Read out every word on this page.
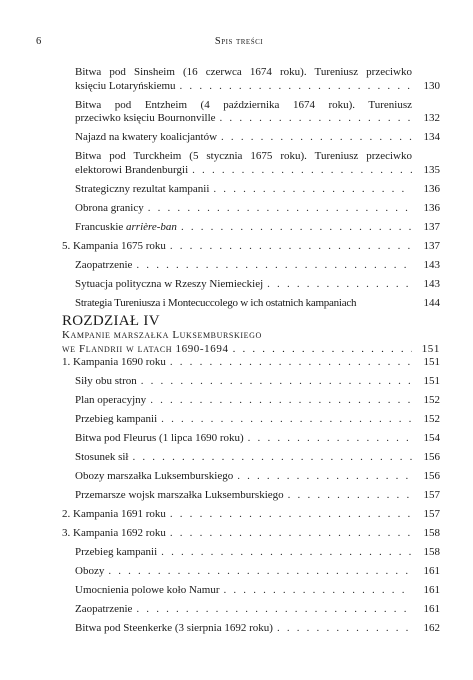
6	Spis treści
Bitwa pod Sinsheim (16 czerwca 1674 roku). Tureniusz przeciwko
księciu Lotaryńskiemu . . .	130
Bitwa pod Entzheim (4 października 1674 roku). Tureniusz
przeciwko księciu Bournonville . . .	132
Najazd na kwatery koalicjantów . . .	134
Bitwa pod Turckheim (5 stycznia 1675 roku). Tureniusz przeciwko
elektorowi Brandenburgii . . .	135
Strategiczny rezultat kampanii . . .	136
Obrona granicy . . .	136
Francuskie arrière-ban . . .	137
5. Kampania 1675 roku . . .	137
Zaopatrzenie . . .	143
Sytuacja polityczna w Rzeszy Niemieckiej . . .	143
Strategia Tureniusza i Montecuccolego w ich ostatnich kampaniach	144
ROZDZIAŁ IV
Kampanie marszałka Luksemburskiego
we Flandrii w latach 1690-1694 . . .	151
1. Kampania 1690 roku . . .	151
Siły obu stron . . .	151
Plan operacyjny . . .	152
Przebieg kampanii . . .	152
Bitwa pod Fleurus (1 lipca 1690 roku) . . .	154
Stosunek sił . . .	156
Obozy marszałka Luksemburskiego . . .	156
Przemarsze wojsk marszałka Luksemburskiego . . .	157
2. Kampania 1691 roku . . .	157
3. Kampania 1692 roku . . .	158
Przebieg kampanii . . .	158
Obozy . . .	161
Umocnienia polowe koło Namur . . .	161
Zaopatrzenie . . .	161
Bitwa pod Steenkerke (3 sierpnia 1692 roku) . . .	162
